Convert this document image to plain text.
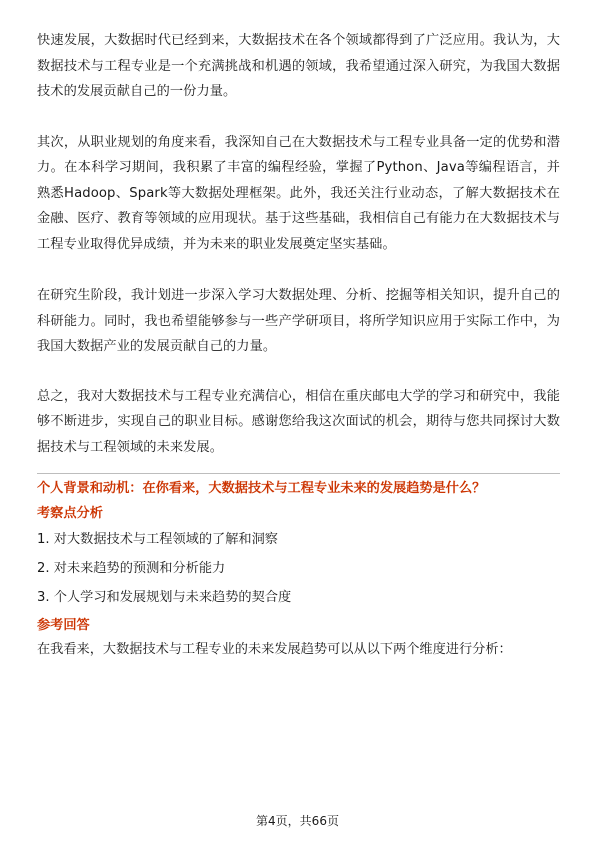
快速发展，大数据时代已经到来，大数据技术在各个领域都得到了广泛应用。我认为，大数据技术与工程专业是一个充满挑战和机遇的领域，我希望通过深入研究，为我国大数据技术的发展贡献自己的一份力量。

其次，从职业规划的角度来看，我深知自己在大数据技术与工程专业具备一定的优势和潜力。在本科学习期间，我积累了丰富的编程经验，掌握了Python、Java等编程语言，并熟悉Hadoop、Spark等大数据处理框架。此外，我还关注行业动态，了解大数据技术在金融、医疗、教育等领域的应用现状。基于这些基础，我相信自己有能力在大数据技术与工程专业取得优异成绩，并为未来的职业发展奠定坚实基础。

在研究生阶段，我计划进一步深入学习大数据处理、分析、挖掘等相关知识，提升自己的科研能力。同时，我也希望能够参与一些产学研项目，将所学知识应用于实际工作中，为我国大数据产业的发展贡献自己的力量。

总之，我对大数据技术与工程专业充满信心，相信在重庆邮电大学的学习和研究中，我能够不断进步，实现自己的职业目标。感谢您给我这次面试的机会，期待与您共同探讨大数据技术与工程领域的未来发展。

个人背景和动机：在你看来，大数据技术与工程专业未来的发展趋势是什么？

考察点分析

1. 对大数据技术与工程领域的了解和洞察

2. 对未来趋势的预测和分析能力

3. 个人学习和发展规划与未来趋势的契合度

参考回答

在我看来，大数据技术与工程专业的未来发展趋势可以从以下两个维度进行分析：

第4页，共66页
